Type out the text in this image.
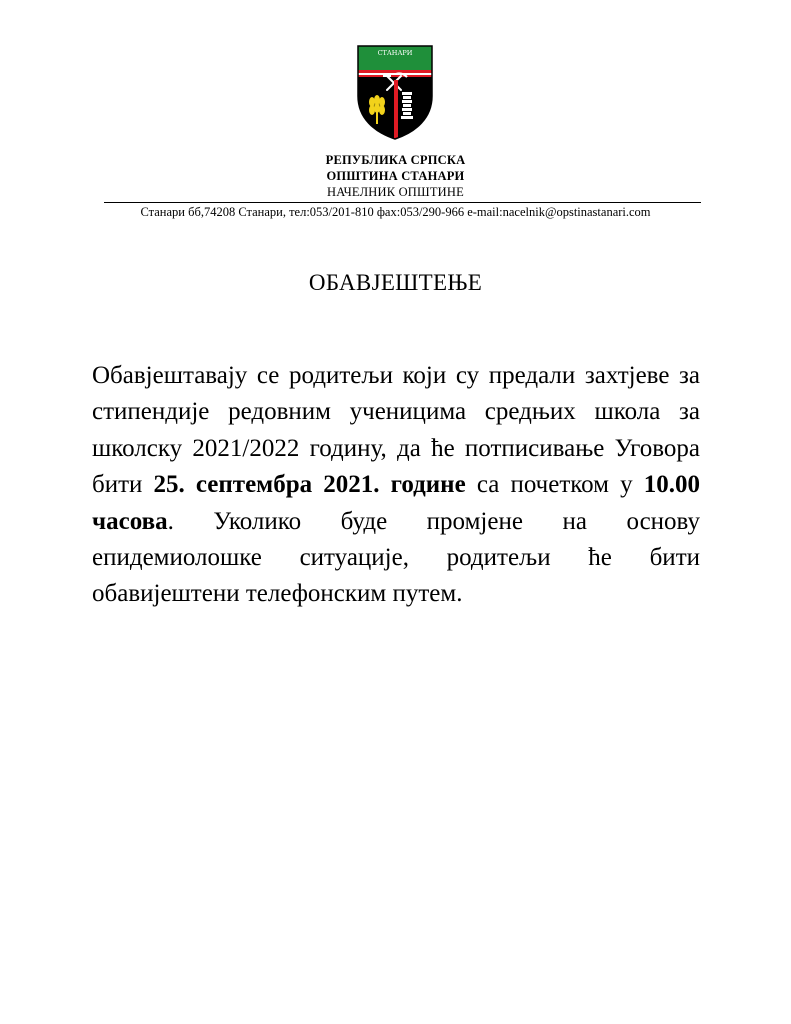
СТАНАРИ
РЕПУБЛИКА СРПСКА
ОПШТИНА СТАНАРИ
НАЧЕЛНИК ОПШТИНЕ
Станари бб,74208 Станари, тел:053/201-810 фах:053/290-966 e-mail:nacelnik@opstinastanari.com
ОБАВЈЕШТЕЊЕ
Обавјештавају се родитељи који су предали захтјеве за стипендије редовним ученицима средњих школа за школску 2021/2022 годину, да ће потписивање Уговора бити 25. септембра 2021. године са почетком у 10.00 часова. Уколико буде промјене на основу епидемиолошке ситуације, родитељи ће бити обавијештени телефонским путем.
